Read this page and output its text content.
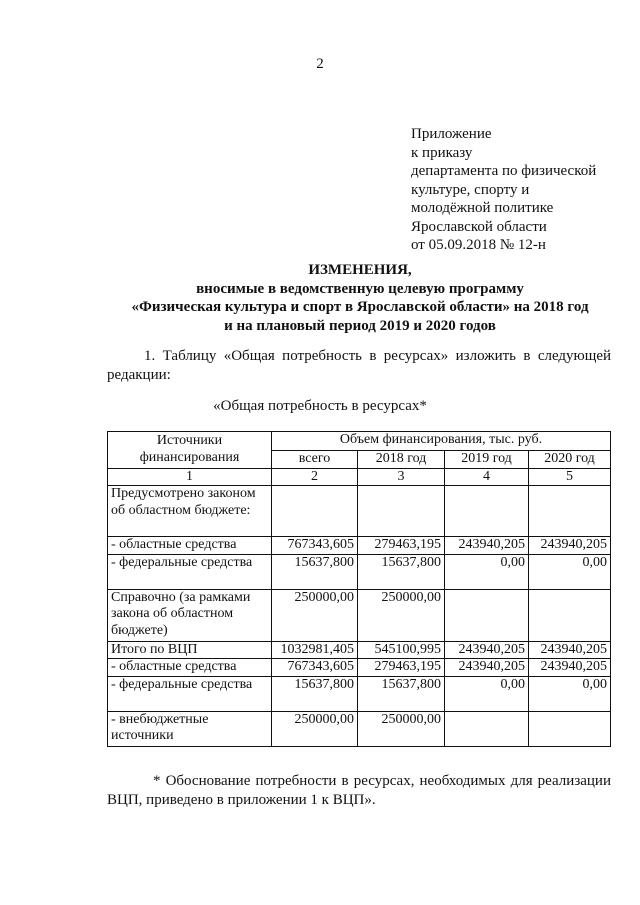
2
Приложение
к приказу
департамента по физической
культуре, спорту и
молодёжной политике
Ярославской области
от 05.09.2018 № 12-н
ИЗМЕНЕНИЯ,
вносимые в ведомственную целевую программу
«Физическая культура и спорт в Ярославской области» на 2018 год
и на плановый период 2019 и 2020 годов
1. Таблицу «Общая потребность в ресурсах» изложить в следующей редакции:
«Общая потребность в ресурсах*
Источники финансирования	Объем финансирования, тыс. руб.			
	всего	2018 год	2019 год	2020 год
1	2	3	4	5
Предусмотрено законом об областном бюджете:				
- областные средства	767343,605	279463,195	243940,205	243940,205
- федеральные средства	15637,800	15637,800	0,00	0,00
Справочно (за рамками закона об областном бюджете)	250000,00	250000,00		
Итого по ВЦП	1032981,405	545100,995	243940,205	243940,205
- областные средства	767343,605	279463,195	243940,205	243940,205
- федеральные средства	15637,800	15637,800	0,00	0,00
- внебюджетные источники	250000,00	250000,00		
* Обоснование потребности в ресурсах, необходимых для реализации ВЦП, приведено в приложении 1 к ВЦП».
